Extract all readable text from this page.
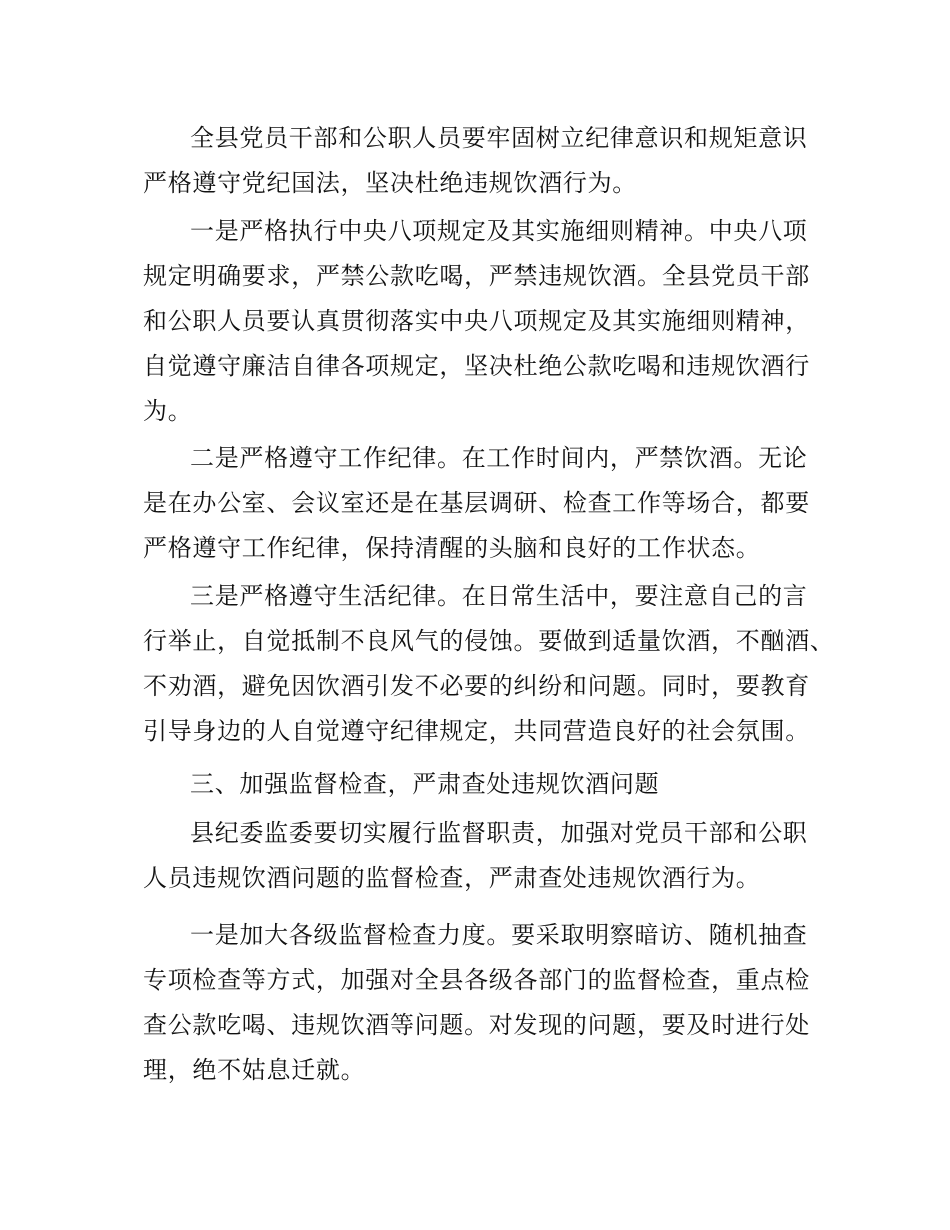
全县党员干部和公职人员要牢固树立纪律意识和规矩意识
严格遵守党纪国法，坚决杜绝违规饮酒行为。
一是严格执行中央八项规定及其实施细则精神。中央八项
规定明确要求，严禁公款吃喝，严禁违规饮酒。全县党员干部
和公职人员要认真贯彻落实中央八项规定及其实施细则精神，
自觉遵守廉洁自律各项规定，坚决杜绝公款吃喝和违规饮酒行
为。
二是严格遵守工作纪律。在工作时间内，严禁饮酒。无论
是在办公室、会议室还是在基层调研、检查工作等场合，都要
严格遵守工作纪律，保持清醒的头脑和良好的工作状态。
三是严格遵守生活纪律。在日常生活中，要注意自己的言
行举止，自觉抵制不良风气的侵蚀。要做到适量饮酒，不酗酒、
不劝酒，避免因饮酒引发不必要的纠纷和问题。同时，要教育
引导身边的人自觉遵守纪律规定，共同营造良好的社会氛围。
三、加强监督检查，严肃查处违规饮酒问题
县纪委监委要切实履行监督职责，加强对党员干部和公职
人员违规饮酒问题的监督检查，严肃查处违规饮酒行为。
一是加大各级监督检查力度。要采取明察暗访、随机抽查
专项检查等方式，加强对全县各级各部门的监督检查，重点检
查公款吃喝、违规饮酒等问题。对发现的问题，要及时进行处
理，绝不姑息迁就。
